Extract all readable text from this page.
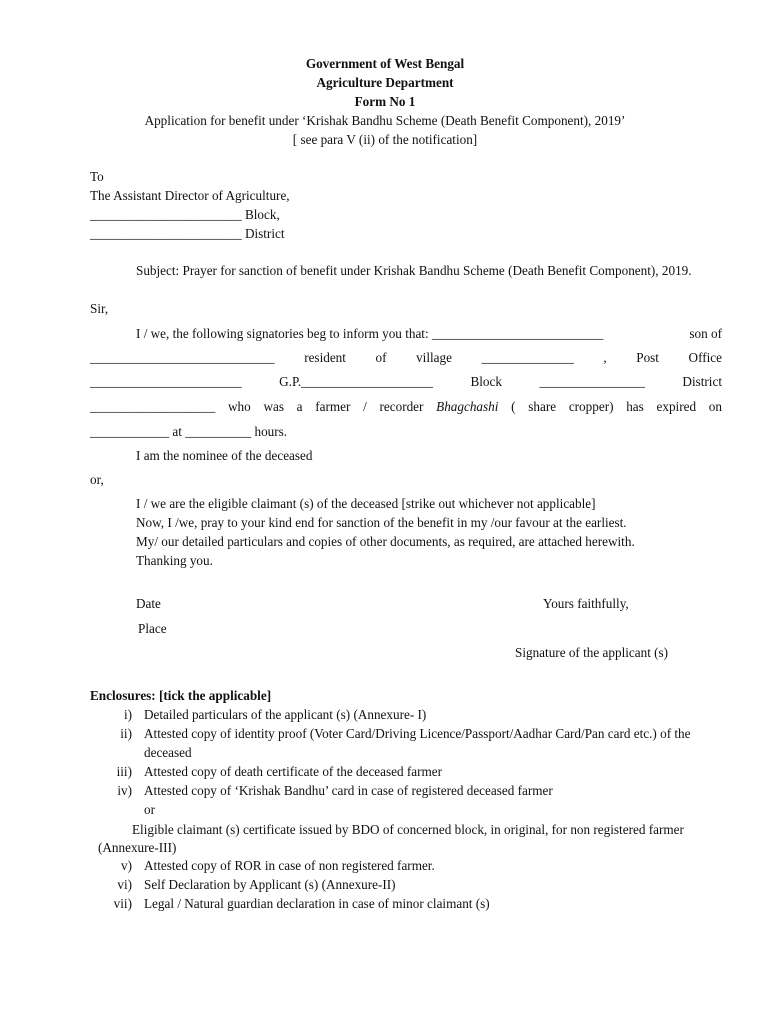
Government of West Bengal
Agriculture Department
Form No 1
Application for benefit under ‘Krishak Bandhu Scheme (Death Benefit Component), 2019’
[ see para V (ii) of the notification]
To
The Assistant Director of Agriculture,
_______________________ Block,
_______________________ District
Subject: Prayer for sanction of benefit under Krishak Bandhu Scheme (Death Benefit Component), 2019.
Sir,
I / we, the following signatories beg to inform you that: __________________________	son of
____________________________ resident of village ______________ , Post Office
_______________________	G.P.____________________	Block	________________	District
___________________ who was a farmer / recorder Bhagchashi ( share cropper) has expired on
____________ at __________ hours.
I am the nominee of the deceased
or,
I / we are the eligible claimant (s) of the deceased [strike out whichever not applicable]
Now, I /we, pray to your kind end for sanction of the benefit in my /our favour at the earliest.
My/ our detailed particulars and copies of other documents, as required, are attached herewith.
Thanking you.
Date	Yours faithfully,
Place
Signature of the applicant (s)
Enclosures: [tick the applicable]
i) Detailed particulars of the applicant (s) (Annexure- I)
ii) Attested copy of identity proof (Voter Card/Driving Licence/Passport/Aadhar Card/Pan card etc.) of the
deceased
iii) Attested copy of death certificate of the deceased farmer
iv) Attested copy of ‘Krishak Bandhu’ card in case of registered deceased farmer
or
Eligible claimant (s) certificate issued by BDO of concerned block, in original, for non registered farmer
(Annexure-III)
v) Attested copy of ROR in case of non registered farmer.
vi) Self Declaration by Applicant (s) (Annexure-II)
vii) Legal / Natural guardian declaration in case of minor claimant (s)
